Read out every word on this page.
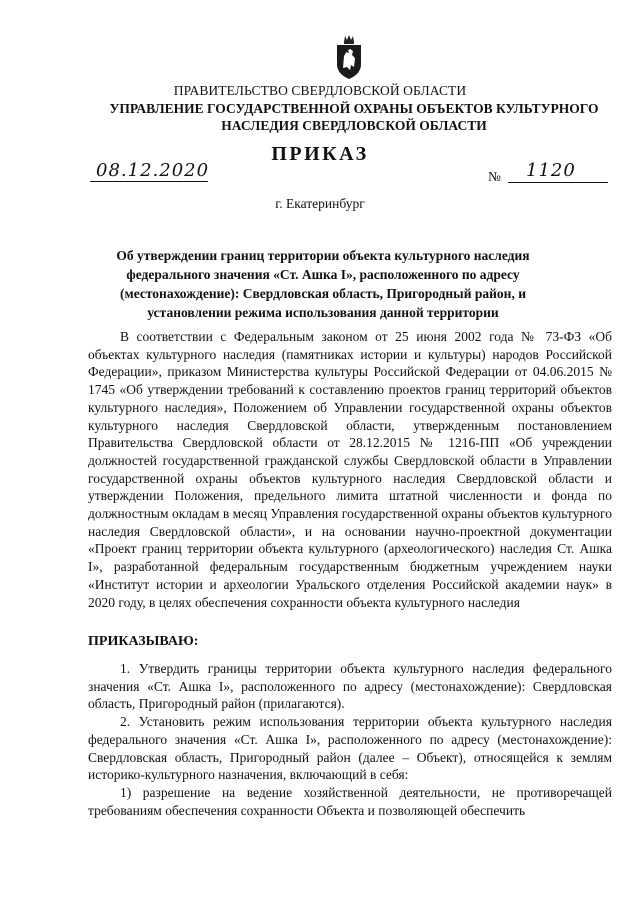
ПРАВИТЕЛЬСТВО СВЕРДЛОВСКОЙ ОБЛАСТИ
УПРАВЛЕНИЕ ГОСУДАРСТВЕННОЙ ОХРАНЫ ОБЪЕКТОВ КУЛЬТУРНОГО НАСЛЕДИЯ СВЕРДЛОВСКОЙ ОБЛАСТИ
ПРИКАЗ
08.12.2020	№ 1120
г. Екатеринбург
Об утверждении границ территории объекта культурного наследия федерального значения «Ст. Ашка I», расположенного по адресу (местонахождение): Свердловская область, Пригородный район, и установлении режима использования данной территории

В соответствии с Федеральным законом от 25 июня 2002 года № 73-ФЗ «Об объектах культурного наследия (памятниках истории и культуры) народов Российской Федерации», приказом Министерства культуры Российской Федерации от 04.06.2015 № 1745 «Об утверждении требований к составлению проектов границ территорий объектов культурного наследия», Положением об Управлении государственной охраны объектов культурного наследия Свердловской области, утвержденным постановлением Правительства Свердловской области от 28.12.2015 № 1216-ПП «Об учреждении должностей государственной гражданской службы Свердловской области в Управлении государственной охраны объектов культурного наследия Свердловской области и утверждении Положения, предельного лимита штатной численности и фонда по должностным окладам в месяц Управления государственной охраны объектов культурного наследия Свердловской области», и на основании научно-проектной документации «Проект границ территории объекта культурного (археологического) наследия Ст. Ашка I», разработанной федеральным государственным бюджетным учреждением науки «Институт истории и археологии Уральского отделения Российской академии наук» в 2020 году, в целях обеспечения сохранности объекта культурного наследия

ПРИКАЗЫВАЮ:

1. Утвердить границы территории объекта культурного наследия федерального значения «Ст. Ашка I», расположенного по адресу (местонахождение): Свердловская область, Пригородный район (прилагаются).

2. Установить режим использования территории объекта культурного наследия федерального значения «Ст. Ашка I», расположенного по адресу (местонахождение): Свердловская область, Пригородный район (далее – Объект), относящейся к землям историко-культурного назначения, включающий в себя:

1) разрешение на ведение хозяйственной деятельности, не противоречащей требованиям обеспечения сохранности Объекта и позволяющей обеспечить
